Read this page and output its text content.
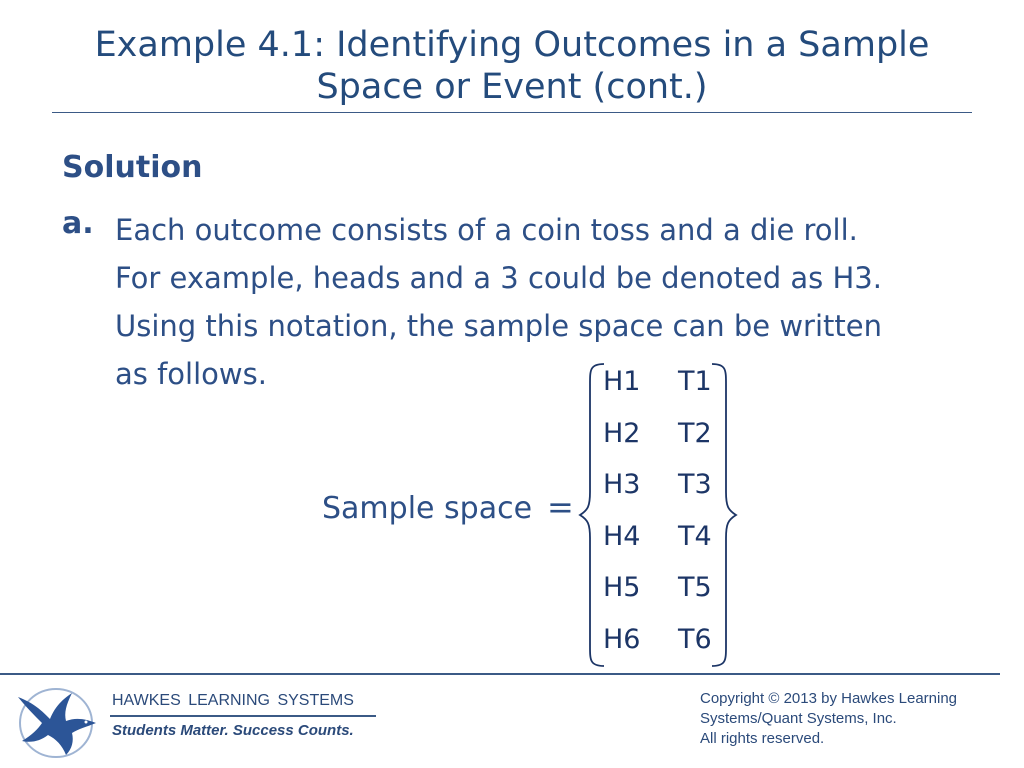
Example 4.1: Identifying Outcomes in a Sample
Space or Event (cont.)
Solution
a. Each outcome consists of a coin toss and a die roll.
For example, heads and a 3 could be denoted as H3.
Using this notation, the sample space can be written
as follows.
Sample space =
H1 T1
H2 T2
H3 T3
H4 T4
H5 T5
H6 T6
HAWKES LEARNING SYSTEMS
Students Matter. Success Counts.
Copyright © 2013 by Hawkes Learning
Systems/Quant Systems, Inc.
All rights reserved.
